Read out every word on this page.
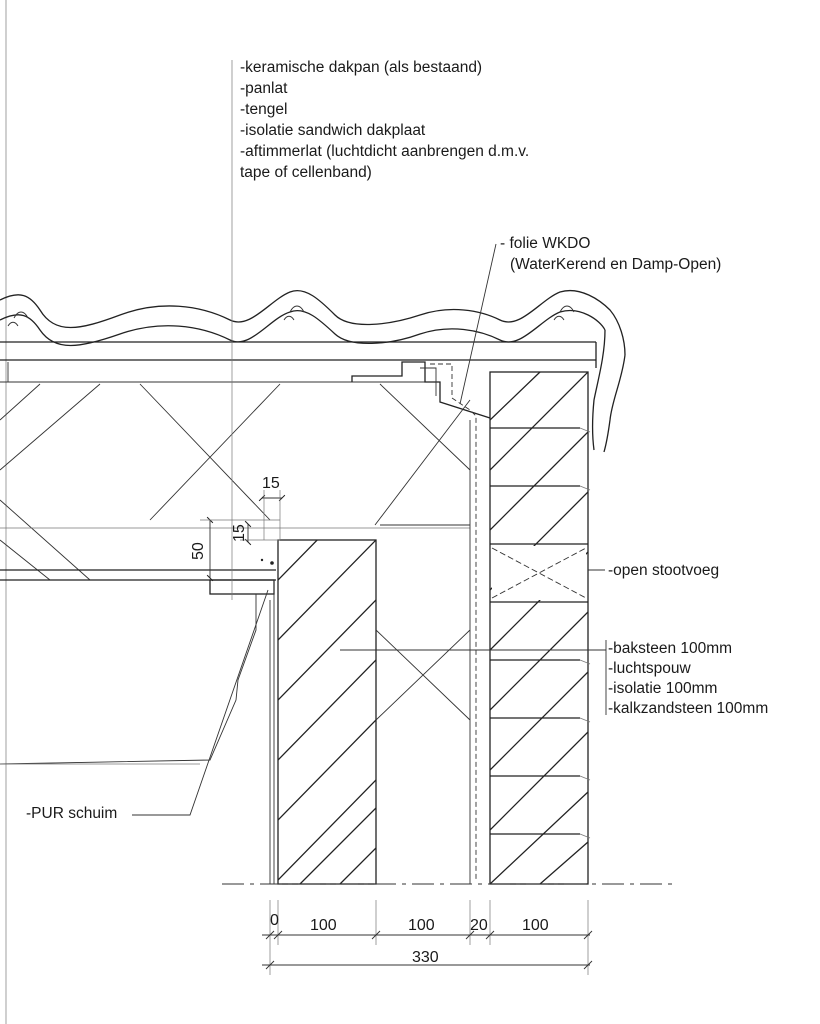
-keramische dakpan (als bestaand)
-panlat
-tengel
-isolatie sandwich dakplaat
-aftimmerlat (luchtdicht aanbrengen d.m.v.
tape of cellenband)
- folie WKDO
(WaterKerend en Damp-Open)
-open stootvoeg
-baksteen 100mm
-luchtspouw
-isolatie 100mm
-kalkzandsteen 100mm
-PUR schuim
15
50
15
0 100	100 20 100
330
